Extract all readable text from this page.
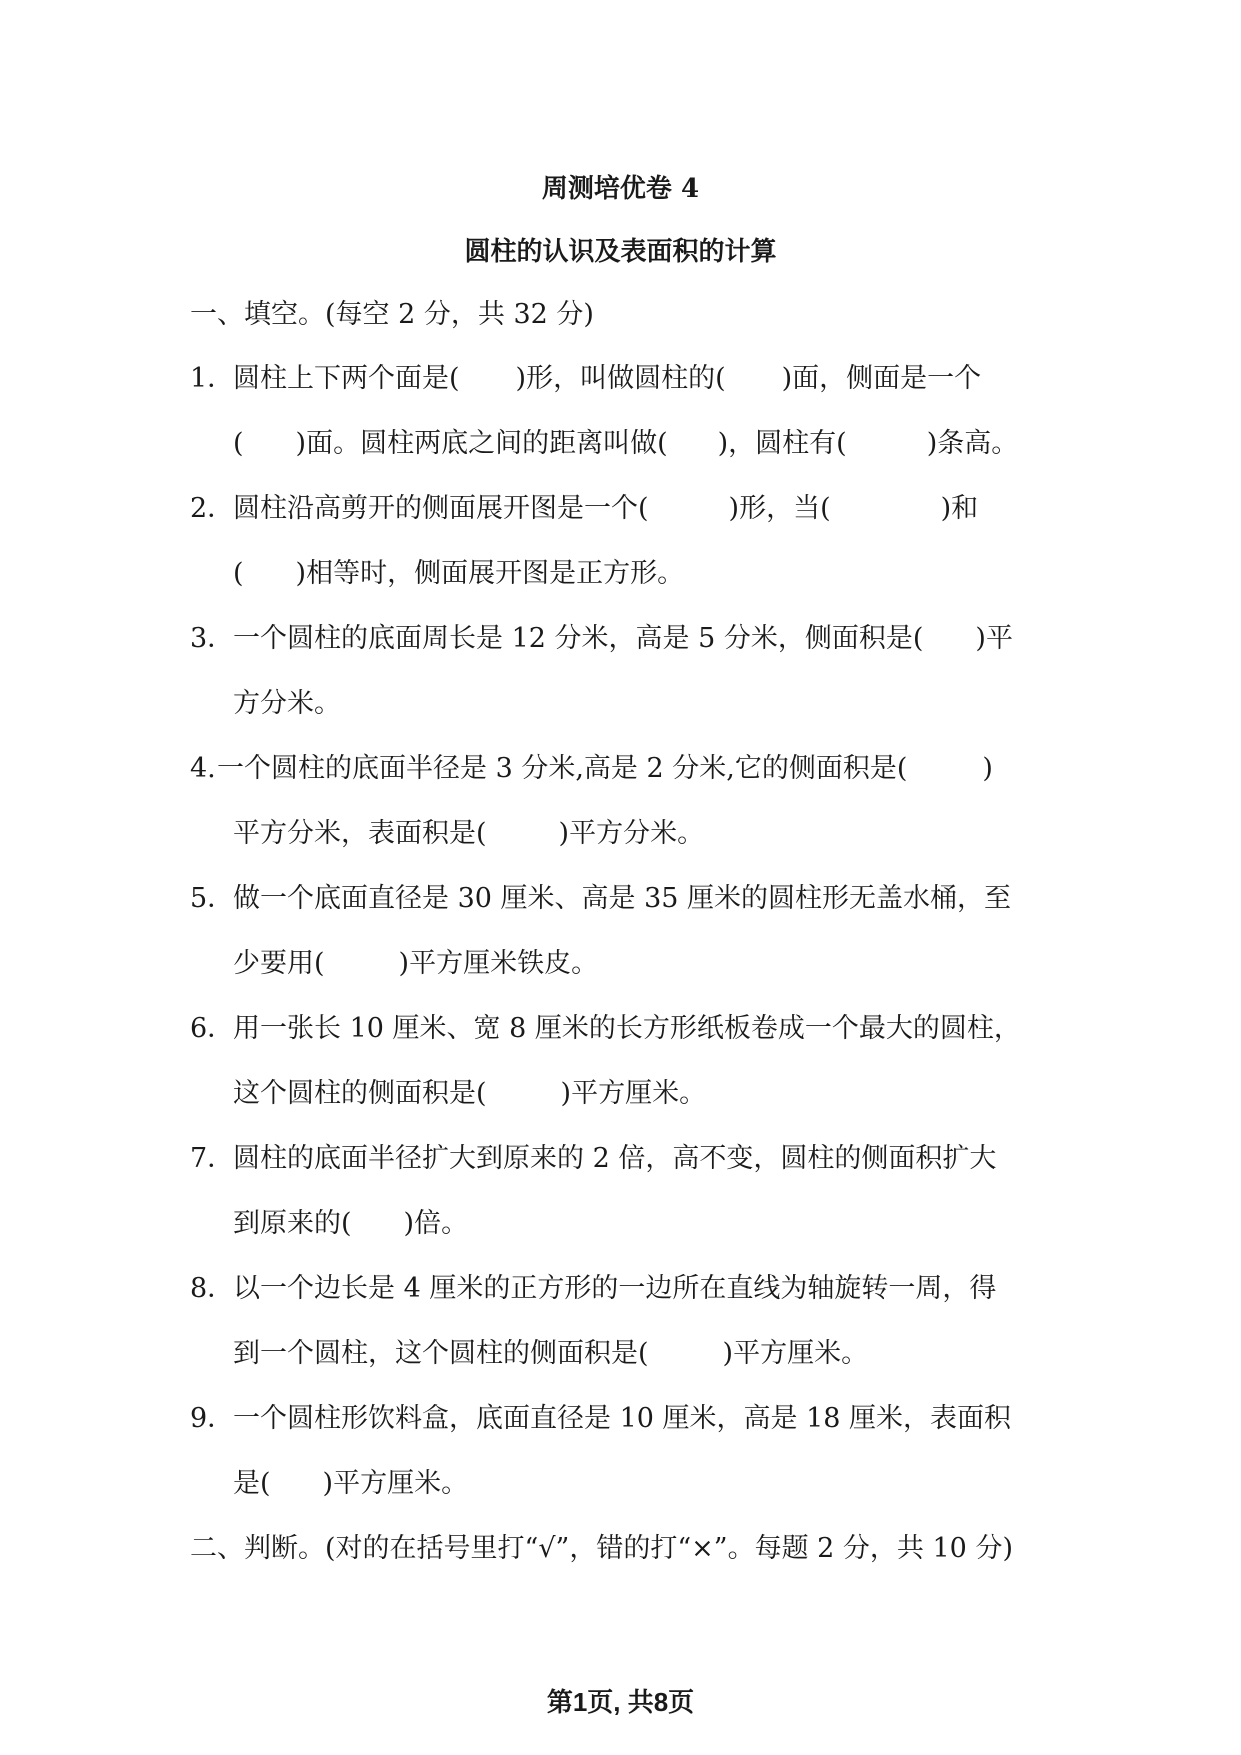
周测培优卷 4
圆柱的认识及表面积的计算
一、填空。(每空 2 分，共 32 分)
1．圆柱上下两个面是( )形，叫做圆柱的( )面，侧面是一个
( )面。圆柱两底之间的距离叫做( )，圆柱有(	)条高。
2．圆柱沿高剪开的侧面展开图是一个(	)形，当(	)和
( )相等时，侧面展开图是正方形。
3．一个圆柱的底面周长是 12 分米，高是 5 分米，侧面积是( )平
方分米。
4.一个圆柱的底面半径是 3 分米,高是 2 分米,它的侧面积是(	)
平方分米，表面积是(	)平方分米。
5．做一个底面直径是 30 厘米、高是 35 厘米的圆柱形无盖水桶，至
少要用(	)平方厘米铁皮。
6．用一张长 10 厘米、宽 8 厘米的长方形纸板卷成一个最大的圆柱，
这个圆柱的侧面积是(	)平方厘米。
7．圆柱的底面半径扩大到原来的 2 倍，高不变，圆柱的侧面积扩大
到原来的( )倍。
8．以一个边长是 4 厘米的正方形的一边所在直线为轴旋转一周，得
到一个圆柱，这个圆柱的侧面积是(	)平方厘米。
9．一个圆柱形饮料盒，底面直径是 10 厘米，高是 18 厘米，表面积
是( )平方厘米。
二、判断。(对的在括号里打“√”，错的打“×”。每题 2 分，共 10 分)
第1页, 共8页
